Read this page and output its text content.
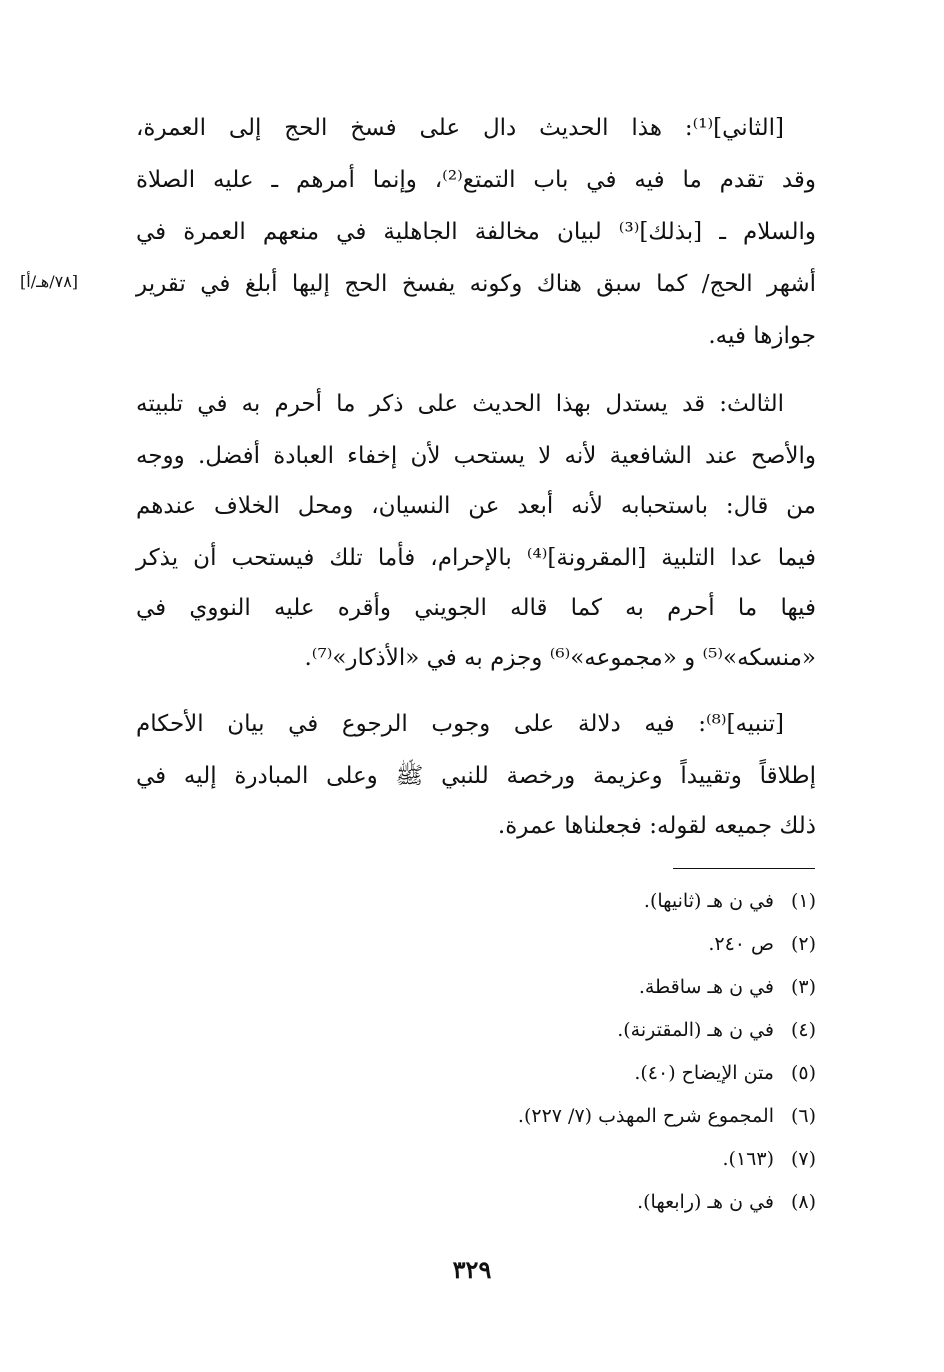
[الثاني]⁽¹⁾: هذا الحديث دال على فسخ الحج إلى العمرة،
وقد تقدم ما فيه في باب التمتع⁽²⁾، وإنما أمرهم ـ عليه الصلاة
والسلام ـ [بذلك]⁽³⁾ لبيان مخالفة الجاهلية في منعهم العمرة في
أشهر الحج/ كما سبق هناك وكونه يفسخ الحج إليها أبلغ في تقرير
جوازها فيه.
[٧٨/هـ/أ]
الثالث: قد يستدل بهذا الحديث على ذكر ما أحرم به في تلبيته
والأصح عند الشافعية لأنه لا يستحب لأن إخفاء العبادة أفضل. ووجه
من قال: باستحبابه لأنه أبعد عن النسيان، ومحل الخلاف عندهم
فيما عدا التلبية [المقرونة]⁽⁴⁾ بالإحرام، فأما تلك فيستحب أن يذكر
فيها ما أحرم به كما قاله الجويني وأقره عليه النووي في
«منسكه»⁽⁵⁾ و «مجموعه»⁽⁶⁾ وجزم به في «الأذكار»⁽⁷⁾.
[تنبيه]⁽⁸⁾: فيه دلالة على وجوب الرجوع في بيان الأحكام
إطلاقاً وتقييداً وعزيمة ورخصة للنبي ﷺ وعلى المبادرة إليه في
ذلك جميعه لقوله: فجعلناها عمرة.
(١)في ن هـ (ثانيها).
(٢)ص ٢٤٠.
(٣)في ن هـ ساقطة.
(٤)في ن هـ (المقترنة).
(٥)متن الإيضاح (٤٠).
(٦)المجموع شرح المهذب (٧/ ٢٢٧).
(٧)(١٦٣).
(٨)في ن هـ (رابعها).
٣٢٩
